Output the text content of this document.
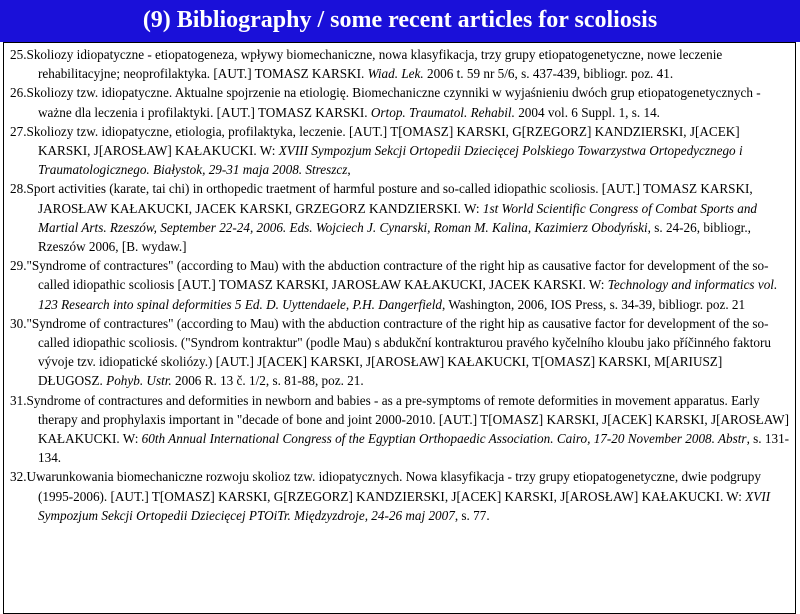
(9) Bibliography / some recent articles for scoliosis

25.Skoliozy idiopatyczne - etiopatogeneza, wpływy biomechaniczne, nowa klasyfikacja, trzy grupy etiopatogenetyczne, nowe leczenie rehabilitacyjne; neoprofilaktyka. [AUT.] TOMASZ KARSKI. Wiad. Lek. 2006 t. 59 nr 5/6, s. 437-439, bibliogr. poz. 41.

26.Skoliozy tzw. idiopatyczne. Aktualne spojrzenie na etiologię. Biomechaniczne czynniki w wyjaśnieniu dwóch grup etiopatogenetycznych - ważne dla leczenia i profilaktyki. [AUT.] TOMASZ KARSKI. Ortop. Traumatol. Rehabil. 2004 vol. 6 Suppl. 1, s. 14.

27.Skoliozy tzw. idiopatyczne, etiologia, profilaktyka, leczenie. [AUT.] T[OMASZ] KARSKI, G[RZEGORZ] KANDZIERSKI, J[ACEK] KARSKI, J[AROSŁAW] KAŁAKUCKI. W: XVIII Sympozjum Sekcji Ortopedii Dziecięcej Polskiego Towarzystwa Ortopedycznego i Traumatologicznego. Białystok, 29-31 maja 2008. Streszcz,

28.Sport activities (karate, tai chi) in orthopedic traetment of harmful posture and so-called idiopathic scoliosis. [AUT.] TOMASZ KARSKI, JAROSŁAW KAŁAKUCKI, JACEK KARSKI, GRZEGORZ KANDZIERSKI. W: 1st World Scientific Congress of Combat Sports and Martial Arts. Rzeszów, September 22-24, 2006. Eds. Wojciech J. Cynarski, Roman M. Kalina, Kazimierz Obodyński, s. 24-26, bibliogr., Rzeszów 2006, [B. wydaw.]

29."Syndrome of contractures" (according to Mau) with the abduction contracture of the right hip as causative factor for development of the so-called idiopathic scoliosis [AUT.] TOMASZ KARSKI, JAROSŁAW KAŁAKUCKI, JACEK KARSKI. W: Technology and informatics vol. 123 Research into spinal deformities 5 Ed. D. Uyttendaele, P.H. Dangerfield, Washington, 2006, IOS Press, s. 34-39, bibliogr. poz. 21

30."Syndrome of contractures" (according to Mau) with the abduction contracture of the right hip as causative factor for development of the so-called idiopathic scoliosis. ("Syndrom kontraktur" (podle Mau) s abdukční kontrakturou pravého kyčelního kloubu jako příčinného faktoru vývoje tzv. idiopatické skoliózy.) [AUT.] J[ACEK] KARSKI, J[AROSŁAW] KAŁAKUCKI, T[OMASZ] KARSKI, M[ARIUSZ] DŁUGOSZ. Pohyb. Ustr. 2006 R. 13 č. 1/2, s. 81-88, poz. 21.

31.Syndrome of contractures and deformities in newborn and babies - as a pre-symptoms of remote deformities in movement apparatus. Early therapy and prophylaxis important in "decade of bone and joint 2000-2010. [AUT.] T[OMASZ] KARSKI, J[ACEK] KARSKI, J[AROSŁAW] KAŁAKUCKI. W: 60th Annual International Congress of the Egyptian Orthopaedic Association. Cairo, 17-20 November 2008. Abstr, s. 131-134.

32.Uwarunkowania biomechaniczne rozwoju skolioz tzw. idiopatycznych. Nowa klasyfikacja - trzy grupy etiopatogenetyczne, dwie podgrupy (1995-2006). [AUT.] T[OMASZ] KARSKI, G[RZEGORZ] KANDZIERSKI, J[ACEK] KARSKI, J[AROSŁAW] KAŁAKUCKI. W: XVII Sympozjum Sekcji Ortopedii Dziecięcej PTOiTr. Międzyzdroje, 24-26 maj 2007, s. 77.
